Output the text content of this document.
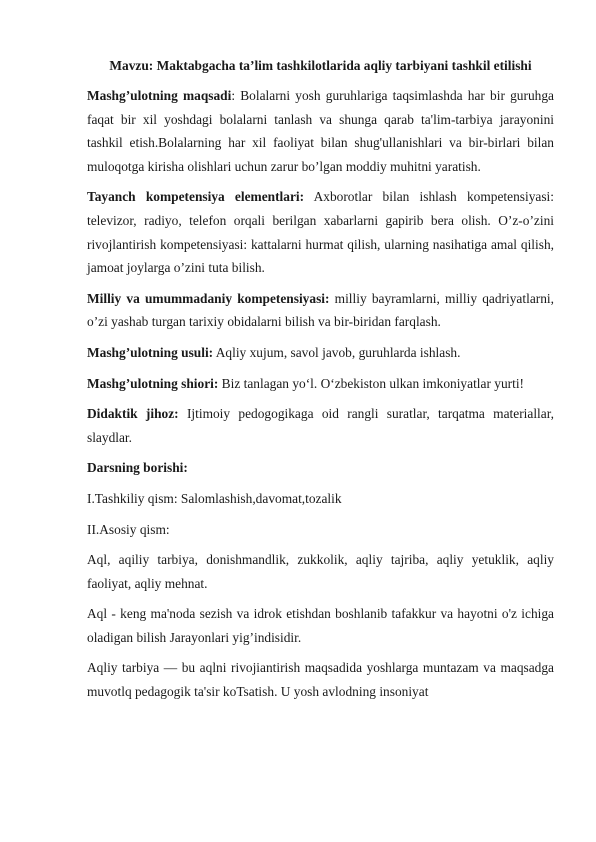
Mavzu: Maktabgacha ta’lim tashkilotlarida aqliy tarbiyani tashkil etilishi
Mashg’ulotning maqsadi: Bolalarni yosh guruhlariga taqsimlashda har bir guruhga faqat bir xil yoshdagi bolalarni tanlash va shunga qarab ta'lim-tarbiya jarayonini tashkil etish.Bolalarning har xil faoliyat bilan shug'ullanishlari va bir-birlari bilan muloqotga kirisha olishlari uchun zarur bo’lgan moddiy muhitni yaratish.
Tayanch kompetensiya elementlari: Axborotlar bilan ishlash kompetensiyasi: televizor, radiyo, telefon orqali berilgan xabarlarni gapirib bera olish. O’z-o’zini rivojlantirish kompetensiyasi: kattalarni hurmat qilish, ularning nasihatiga amal qilish, jamoat joylarga o’zini tuta bilish.
Milliy va umummadaniy kompetensiyasi: milliy bayramlarni, milliy qadriyatlarni, o’zi yashab turgan tarixiy obidalarni bilish va bir-biridan farqlash.
Mashg’ulotning usuli: Aqliy xujum, savol javob, guruhlarda ishlash.
Mashg’ulotning shiori: Biz tanlagan yo‘l. O‘zbekiston ulkan imkoniyatlar yurti!
Didaktik jihoz: Ijtimoiy pedogogikaga oid rangli suratlar, tarqatma materiallar, slaydlar.
Darsning borishi:
I.Tashkiliy qism: Salomlashish,davomat,tozalik
II.Asosiy qism:
Aql, aqiliy tarbiya, donishmandlik, zukkolik, aqliy tajriba, aqliy yetuklik, aqliy faoliyat, aqliy mehnat.
Aql - keng ma'noda sezish va idrok etishdan boshlanib tafakkur va hayotni o'z ichiga oladigan bilish Jarayonlari yig’indisidir.
Aqliy tarbiya — bu aqlni rivojiantirish maqsadida yoshlarga muntazam va maqsadga muvotlq pedagogik ta'sir koTsatish. U yosh avlodning insoniyat
